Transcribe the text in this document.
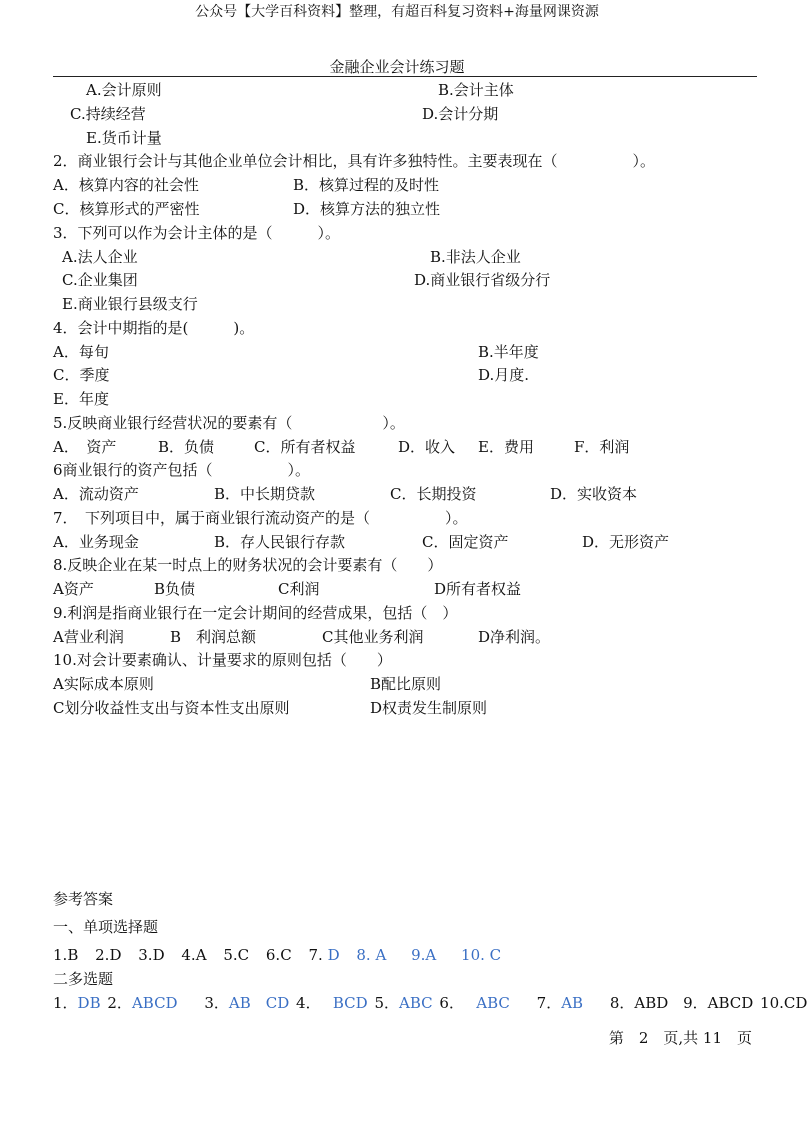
公众号【大学百科资料】整理，有超百科复习资料+海量网课资源
金融企业会计练习题
A.会计原则	B.会计主体
C.持续经营	D.会计分期
E.货币计量
2．商业银行会计与其他企业单位会计相比，具有许多独特性。主要表现在（　　　　　）。
A．核算内容的社会性	B．核算过程的及时性
C．核算形式的严密性	D．核算方法的独立性
3．下列可以作为会计主体的是（　　　）。
A.法人企业	B.非法人企业
C.企业集团	D.商业银行省级分行
E.商业银行县级支行
4．会计中期指的是(　　　)。
A．每旬	B.半年度
C．季度	D.月度.
E．年度
5.反映商业银行经营状况的要素有（　　　　　　）。
A．　资产	B．负债	C．所有者权益	D．收入 E．费用	F．利润
6商业银行的资产包括（　　　　　）。
A．流动资产	B．中长期贷款	C．长期投资	D．实收资本
7．　下列项目中，属于商业银行流动资产的是（　　　　　）。
A．业务现金	B．存人民银行存款	C．固定资产	D．无形资产
8.反映企业在某一时点上的财务状况的会计要素有（　　）
A资产	B负债	C利润	D所有者权益
9.利润是指商业银行在一定会计期间的经营成果，包括（　）
A营业利润	B　利润总额	C其他业务利润	D净利润。
10.对会计要素确认、计量要求的原则包括（　　）
A实际成本原则	B配比原则
C划分收益性支出与资本性支出原则	D权责发生制原则
参考答案
一、单项选择题
1.B 2.D 3.D 4.A 5.C 6.C 7. D 8. A 9.A 10. C
二多选题
1．DB 2．ABCD 3．AB　CD 4．　 BCD 5．ABC 6．　 ABC 7．AB 8．ABD 9．ABCD 10.CD
第　2　页,共 11　页
